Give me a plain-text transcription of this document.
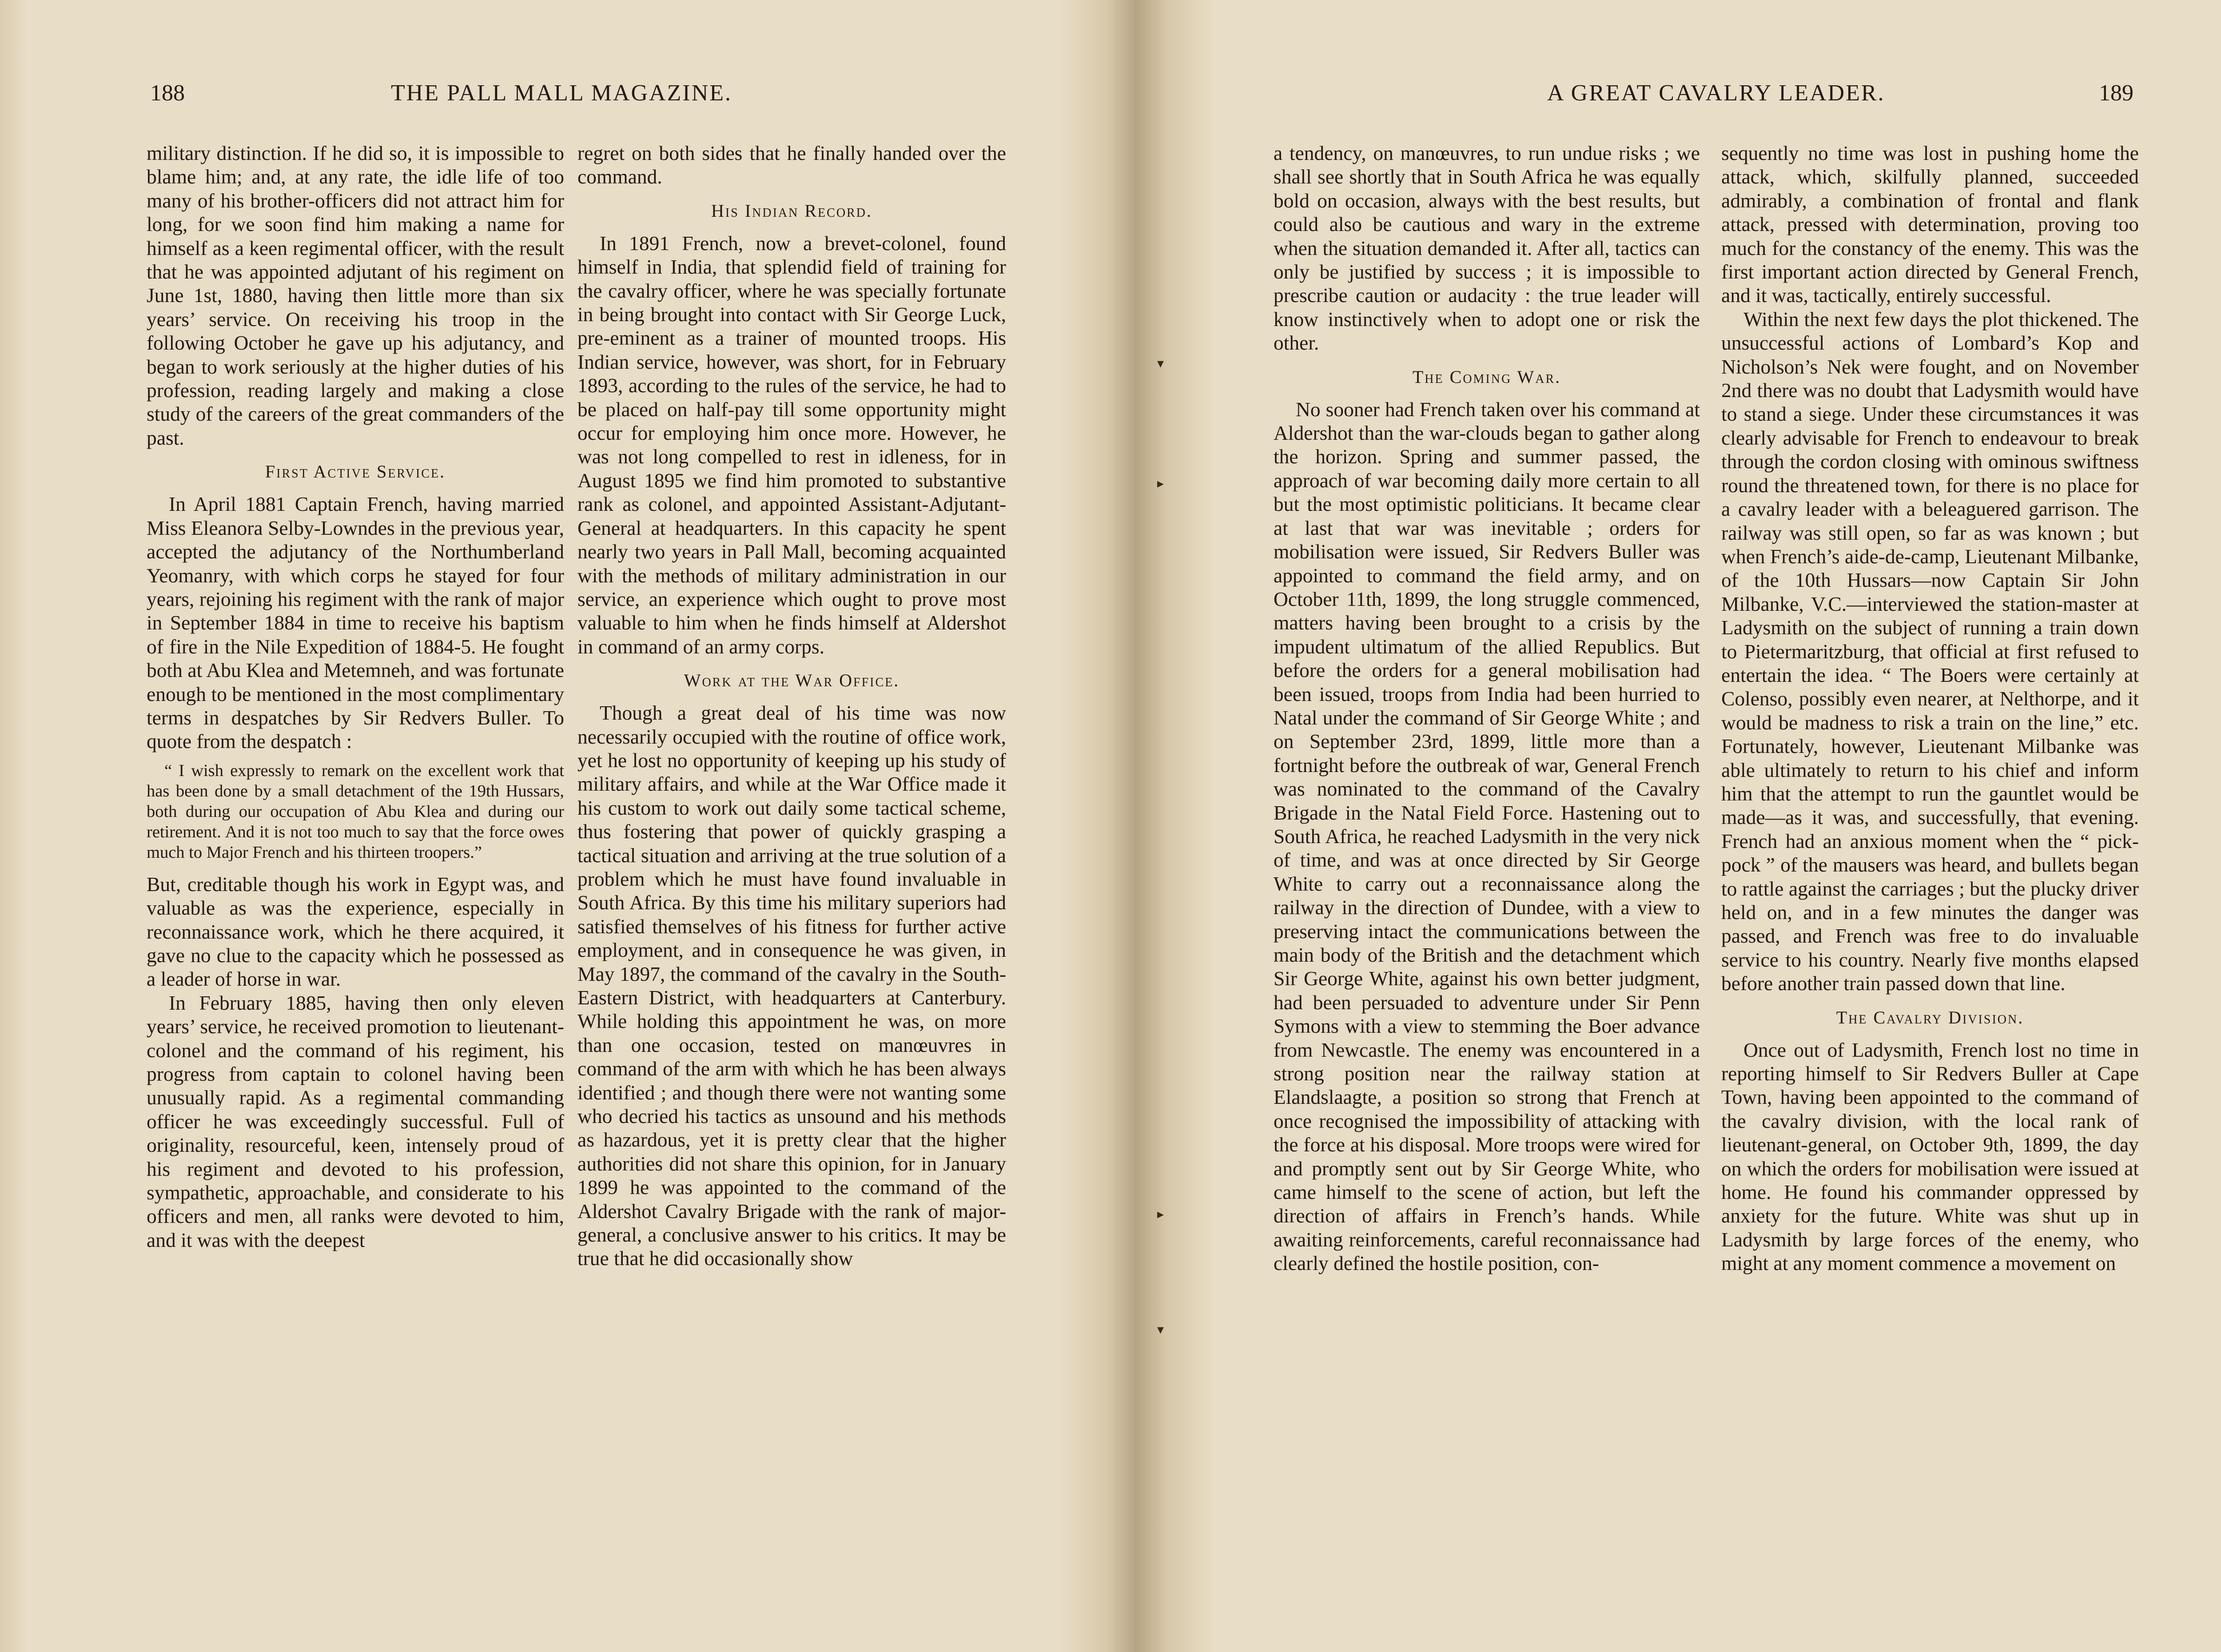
188	THE PALL MALL MAGAZINE.

military distinction. If he did so, it is impossible to blame him; and, at any rate, the idle life of too many of his brother-officers did not attract him for long, for we soon find him making a name for himself as a keen regimental officer, with the result that he was appointed adjutant of his regiment on June 1st, 1880, having then little more than six years’ service. On receiving his troop in the following October he gave up his adjutancy, and began to work seriously at the higher duties of his profession, reading largely and making a close study of the careers of the great commanders of the past.

First Active Service.

In April 1881 Captain French, having married Miss Eleanora Selby-Lowndes in the previous year, accepted the adjutancy of the Northumberland Yeomanry, with which corps he stayed for four years, rejoining his regiment with the rank of major in September 1884 in time to receive his baptism of fire in the Nile Expedition of 1884-5. He fought both at Abu Klea and Metemneh, and was fortunate enough to be mentioned in the most complimentary terms in despatches by Sir Redvers Buller. To quote from the despatch :

“ I wish expressly to remark on the excellent work that has been done by a small detachment of the 19th Hussars, both during our occupation of Abu Klea and during our retirement. And it is not too much to say that the force owes much to Major French and his thirteen troopers.”

But, creditable though his work in Egypt was, and valuable as was the experience, especially in reconnaissance work, which he there acquired, it gave no clue to the capacity which he possessed as a leader of horse in war.

In February 1885, having then only eleven years’ service, he received promotion to lieutenant-colonel and the command of his regiment, his progress from captain to colonel having been unusually rapid. As a regimental commanding officer he was exceedingly successful. Full of originality, resourceful, keen, intensely proud of his regiment and devoted to his profession, sympathetic, approachable, and considerate to his officers and men, all ranks were devoted to him, and it was with the deepest

regret on both sides that he finally handed over the command.

His Indian Record.

In 1891 French, now a brevet-colonel, found himself in India, that splendid field of training for the cavalry officer, where he was specially fortunate in being brought into contact with Sir George Luck, pre-eminent as a trainer of mounted troops. His Indian service, however, was short, for in February 1893, according to the rules of the service, he had to be placed on half-pay till some opportunity might occur for employing him once more. However, he was not long compelled to rest in idleness, for in August 1895 we find him promoted to substantive rank as colonel, and appointed Assistant-Adjutant-General at headquarters. In this capacity he spent nearly two years in Pall Mall, becoming acquainted with the methods of military administration in our service, an experience which ought to prove most valuable to him when he finds himself at Aldershot in command of an army corps.

Work at the War Office.

Though a great deal of his time was now necessarily occupied with the routine of office work, yet he lost no opportunity of keeping up his study of military affairs, and while at the War Office made it his custom to work out daily some tactical scheme, thus fostering that power of quickly grasping a tactical situation and arriving at the true solution of a problem which he must have found invaluable in South Africa. By this time his military superiors had satisfied themselves of his fitness for further active employment, and in consequence he was given, in May 1897, the command of the cavalry in the South-Eastern District, with headquarters at Canterbury. While holding this appointment he was, on more than one occasion, tested on manœuvres in command of the arm with which he has been always identified ; and though there were not wanting some who decried his tactics as unsound and his methods as hazardous, yet it is pretty clear that the higher authorities did not share this opinion, for in January 1899 he was appointed to the command of the Aldershot Cavalry Brigade with the rank of major-general, a conclusive answer to his critics. It may be true that he did occasionally show

A GREAT CAVALRY LEADER.	189

a tendency, on manœuvres, to run undue risks ; we shall see shortly that in South Africa he was equally bold on occasion, always with the best results, but could also be cautious and wary in the extreme when the situation demanded it. After all, tactics can only be justified by success ; it is impossible to prescribe caution or audacity : the true leader will know instinctively when to adopt one or risk the other.

The Coming War.

No sooner had French taken over his command at Aldershot than the war-clouds began to gather along the horizon. Spring and summer passed, the approach of war becoming daily more certain to all but the most optimistic politicians. It became clear at last that war was inevitable ; orders for mobilisation were issued, Sir Redvers Buller was appointed to command the field army, and on October 11th, 1899, the long struggle commenced, matters having been brought to a crisis by the impudent ultimatum of the allied Republics. But before the orders for a general mobilisation had been issued, troops from India had been hurried to Natal under the command of Sir George White ; and on September 23rd, 1899, little more than a fortnight before the outbreak of war, General French was nominated to the command of the Cavalry Brigade in the Natal Field Force. Hastening out to South Africa, he reached Ladysmith in the very nick of time, and was at once directed by Sir George White to carry out a reconnaissance along the railway in the direction of Dundee, with a view to preserving intact the communications between the main body of the British and the detachment which Sir George White, against his own better judgment, had been persuaded to adventure under Sir Penn Symons with a view to stemming the Boer advance from Newcastle. The enemy was encountered in a strong position near the railway station at Elandslaagte, a position so strong that French at once recognised the impossibility of attacking with the force at his disposal. More troops were wired for and promptly sent out by Sir George White, who came himself to the scene of action, but left the direction of affairs in French’s hands. While awaiting reinforcements, careful reconnaissance had clearly defined the hostile position, con-

sequently no time was lost in pushing home the attack, which, skilfully planned, succeeded admirably, a combination of frontal and flank attack, pressed with determination, proving too much for the constancy of the enemy. This was the first important action directed by General French, and it was, tactically, entirely successful.

Within the next few days the plot thickened. The unsuccessful actions of Lombard’s Kop and Nicholson’s Nek were fought, and on November 2nd there was no doubt that Ladysmith would have to stand a siege. Under these circumstances it was clearly advisable for French to endeavour to break through the cordon closing with ominous swiftness round the threatened town, for there is no place for a cavalry leader with a beleaguered garrison. The railway was still open, so far as was known ; but when French’s aide-de-camp, Lieutenant Milbanke, of the 10th Hussars—now Captain Sir John Milbanke, V.C.—interviewed the station-master at Ladysmith on the subject of running a train down to Pietermaritzburg, that official at first refused to entertain the idea. “ The Boers were certainly at Colenso, possibly even nearer, at Nelthorpe, and it would be madness to risk a train on the line,” etc. Fortunately, however, Lieutenant Milbanke was able ultimately to return to his chief and inform him that the attempt to run the gauntlet would be made—as it was, and successfully, that evening. French had an anxious moment when the “ pick-pock ” of the mausers was heard, and bullets began to rattle against the carriages ; but the plucky driver held on, and in a few minutes the danger was passed, and French was free to do invaluable service to his country. Nearly five months elapsed before another train passed down that line.

The Cavalry Division.

Once out of Ladysmith, French lost no time in reporting himself to Sir Redvers Buller at Cape Town, having been appointed to the command of the cavalry division, with the local rank of lieutenant-general, on October 9th, 1899, the day on which the orders for mobilisation were issued at home. He found his commander oppressed by anxiety for the future. White was shut up in Ladysmith by large forces of the enemy, who might at any moment commence a movement on

▾
▸
▸
▾
